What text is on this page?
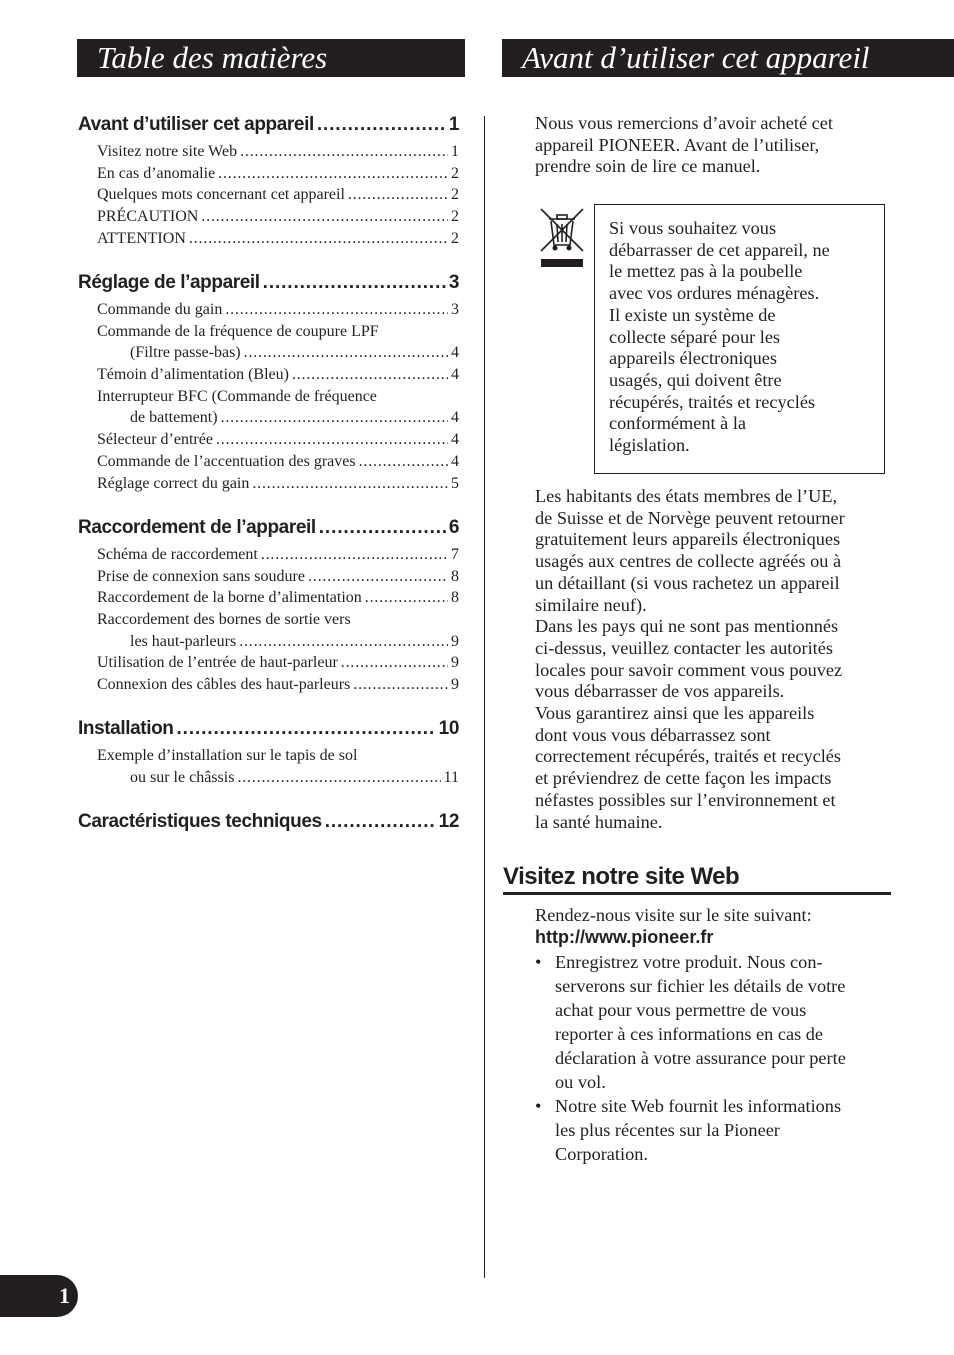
Table des matières	Avant d’utiliser cet appareil
Avant d’utiliser cet appareil . . .	1
Visitez notre site Web . . .	1
En cas d’anomalie . . .	2
Quelques mots concernant cet appareil . . .	2
PRÉCAUTION . . .	2
ATTENTION . . .	2
Réglage de l’appareil . . .	3
Commande du gain . . .	3
Commande de la fréquence de coupure LPF
(Filtre passe-bas) . . .	4
Témoin d’alimentation (Bleu) . . .	4
Interrupteur BFC (Commande de fréquence
de battement) . . .	4
Sélecteur d’entrée . . .	4
Commande de l’accentuation des graves . . .	4
Réglage correct du gain . . .	5
Raccordement de l’appareil . . .	6
Schéma de raccordement . . .	7
Prise de connexion sans soudure . . .	8
Raccordement de la borne d’alimentation . . .	8
Raccordement des bornes de sortie vers
les haut-parleurs . . .	9
Utilisation de l’entrée de haut-parleur . . .	9
Connexion des câbles des haut-parleurs . . .	9
Installation . . .	10
Exemple d’installation sur le tapis de sol
ou sur le châssis . . .	11
Caractéristiques techniques . . .	12
Nous vous remercions d’avoir acheté cet
appareil PIONEER. Avant de l’utiliser,
prendre soin de lire ce manuel.
Si vous souhaitez vous
débarrasser de cet appareil, ne
le mettez pas à la poubelle
avec vos ordures ménagères.
Il existe un système de
collecte séparé pour les
appareils électroniques
usagés, qui doivent être
récupérés, traités et recyclés
conformément à la
législation.
Les habitants des états membres de l’UE,
de Suisse et de Norvège peuvent retourner
gratuitement leurs appareils électroniques
usagés aux centres de collecte agréés ou à
un détaillant (si vous rachetez un appareil
similaire neuf).
Dans les pays qui ne sont pas mentionnés
ci-dessus, veuillez contacter les autorités
locales pour savoir comment vous pouvez
vous débarrasser de vos appareils.
Vous garantirez ainsi que les appareils
dont vous vous débarrassez sont
correctement récupérés, traités et recyclés
et préviendrez de cette façon les impacts
néfastes possibles sur l’environnement et
la santé humaine.
Visitez notre site Web
Rendez-nous visite sur le site suivant:
http://www.pioneer.fr
• Enregistrez votre produit. Nous con-
serverons sur fichier les détails de votre
achat pour vous permettre de vous
reporter à ces informations en cas de
déclaration à votre assurance pour perte
ou vol.
• Notre site Web fournit les informations
les plus récentes sur la Pioneer
Corporation.
1
